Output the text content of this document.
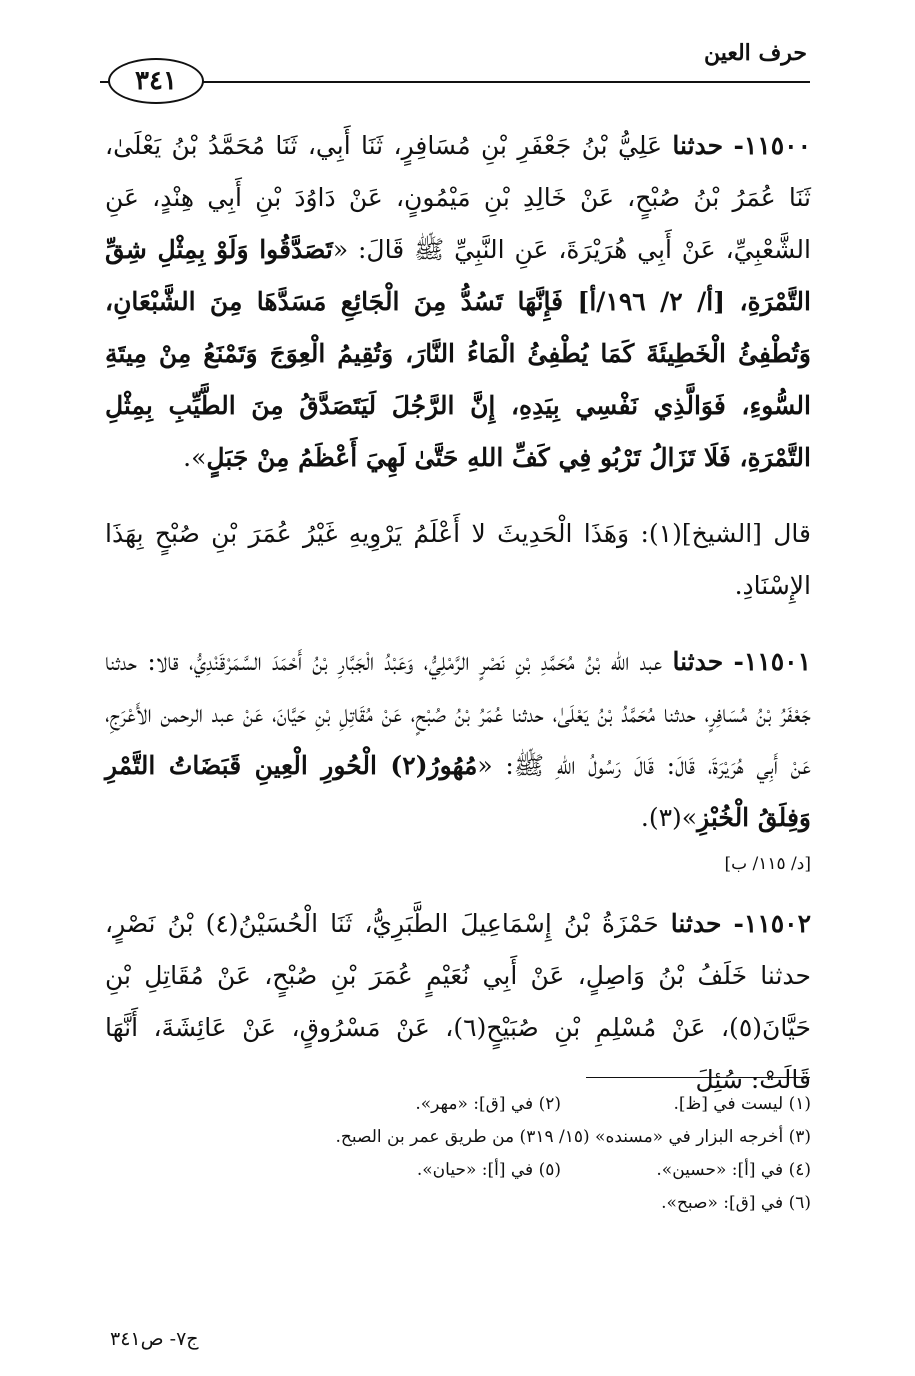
حرف العين
٣٤١

١١٥٠٠- حدثنا عَلِيُّ بْنُ جَعْفَرِ بْنِ مُسَافِرٍ، ثَنَا أَبِي، ثَنَا مُحَمَّدُ بْنُ يَعْلَىٰ، ثَنَا عُمَرُ بْنُ صُبْحٍ، عَنْ خَالِدِ بْنِ مَيْمُونٍ، عَنْ دَاوُدَ بْنِ أَبِي هِنْدٍ، عَنِ الشَّعْبِيِّ، عَنْ أَبِي هُرَيْرَةَ، عَنِ النَّبِيِّ ﷺ قَالَ: «تَصَدَّقُوا وَلَوْ بِمِثْلِ شِقِّ التَّمْرَةِ، [أ/ ٢/ ١٩٦/أ] فَإِنَّهَا تَسُدُّ مِنَ الْجَائِعِ مَسَدَّهَا مِنَ الشَّبْعَانِ، وَتُطْفِئُ الْخَطِيئَةَ كَمَا يُطْفِئُ الْمَاءُ النَّارَ، وَتُقِيمُ الْعِوَجَ وَتَمْنَعُ مِنْ مِيتَةِ السُّوءِ، فَوَالَّذِي نَفْسِي بِيَدِهِ، إِنَّ الرَّجُلَ لَيَتَصَدَّقُ مِنَ الطَّيِّبِ بِمِثْلِ التَّمْرَةِ، فَلَا تَزَالُ تَرْبُو فِي كَفِّ اللهِ حَتَّىٰ لَهِيَ أَعْظَمُ مِنْ جَبَلٍ».

قال [الشيخ](١): وَهَذَا الْحَدِيثَ لا أَعْلَمُ يَرْوِيهِ غَيْرُ عُمَرَ بْنِ صُبْحٍ بِهَذَا الإِسْنَادِ.

١١٥٠١- حدثنا عبد الله بْنُ مُحَمَّدِ بْنِ نَصْرٍ الرَّمْلِيُّ، وَعَبْدُ الْجَبَّارِ بْنُ أَحْمَدَ السَّمَرْقَنْدِيُّ، قالا: حدثنا جَعْفَرُ بْنُ مُسَافِرٍ، حدثنا مُحَمَّدُ بْنُ يَعْلَىٰ، حدثنا عُمَرُ بْنُ صُبْحٍ، عَنْ مُقَاتِلِ بْنِ حَيَّانَ، عَنْ عبد الرحمن الأَعْرَجِ، عَنْ أَبِي هُرَيْرَةَ، قَالَ: قَالَ رَسُولُ اللهِ ﷺ: «مُهُورُ(٢) الْحُورِ الْعِينِ قَبَضَاتُ التَّمْرِ وَفِلَقُ الْخُبْزِ»(٣).
[د/ ١١٥/ ب]

١١٥٠٢- حدثنا حَمْزَةُ بْنُ إِسْمَاعِيلَ الطَّبَرِيُّ، ثَنَا الْحُسَيْنُ(٤) بْنُ نَصْرٍ، حدثنا خَلَفُ بْنُ وَاصِلٍ، عَنْ أَبِي نُعَيْمٍ عُمَرَ بْنِ صُبْحٍ، عَنْ مُقَاتِلِ بْنِ حَيَّانَ(٥)، عَنْ مُسْلِمِ بْنِ صُبَيْحٍ(٦)، عَنْ مَسْرُوقٍ، عَنْ عَائِشَةَ، أَنَّهَا قَالَتْ: سُئِلَ

(١) ليست في [ظ].
(٢) في [ق]: «مهر».
(٣) أخرجه البزار في «مسنده» (١٥/ ٣١٩) من طريق عمر بن الصبح.
(٤) في [أ]: «حسين».
(٥) في [أ]: «حيان».
(٦) في [ق]: «صبح».
ج٧- ص٣٤١
